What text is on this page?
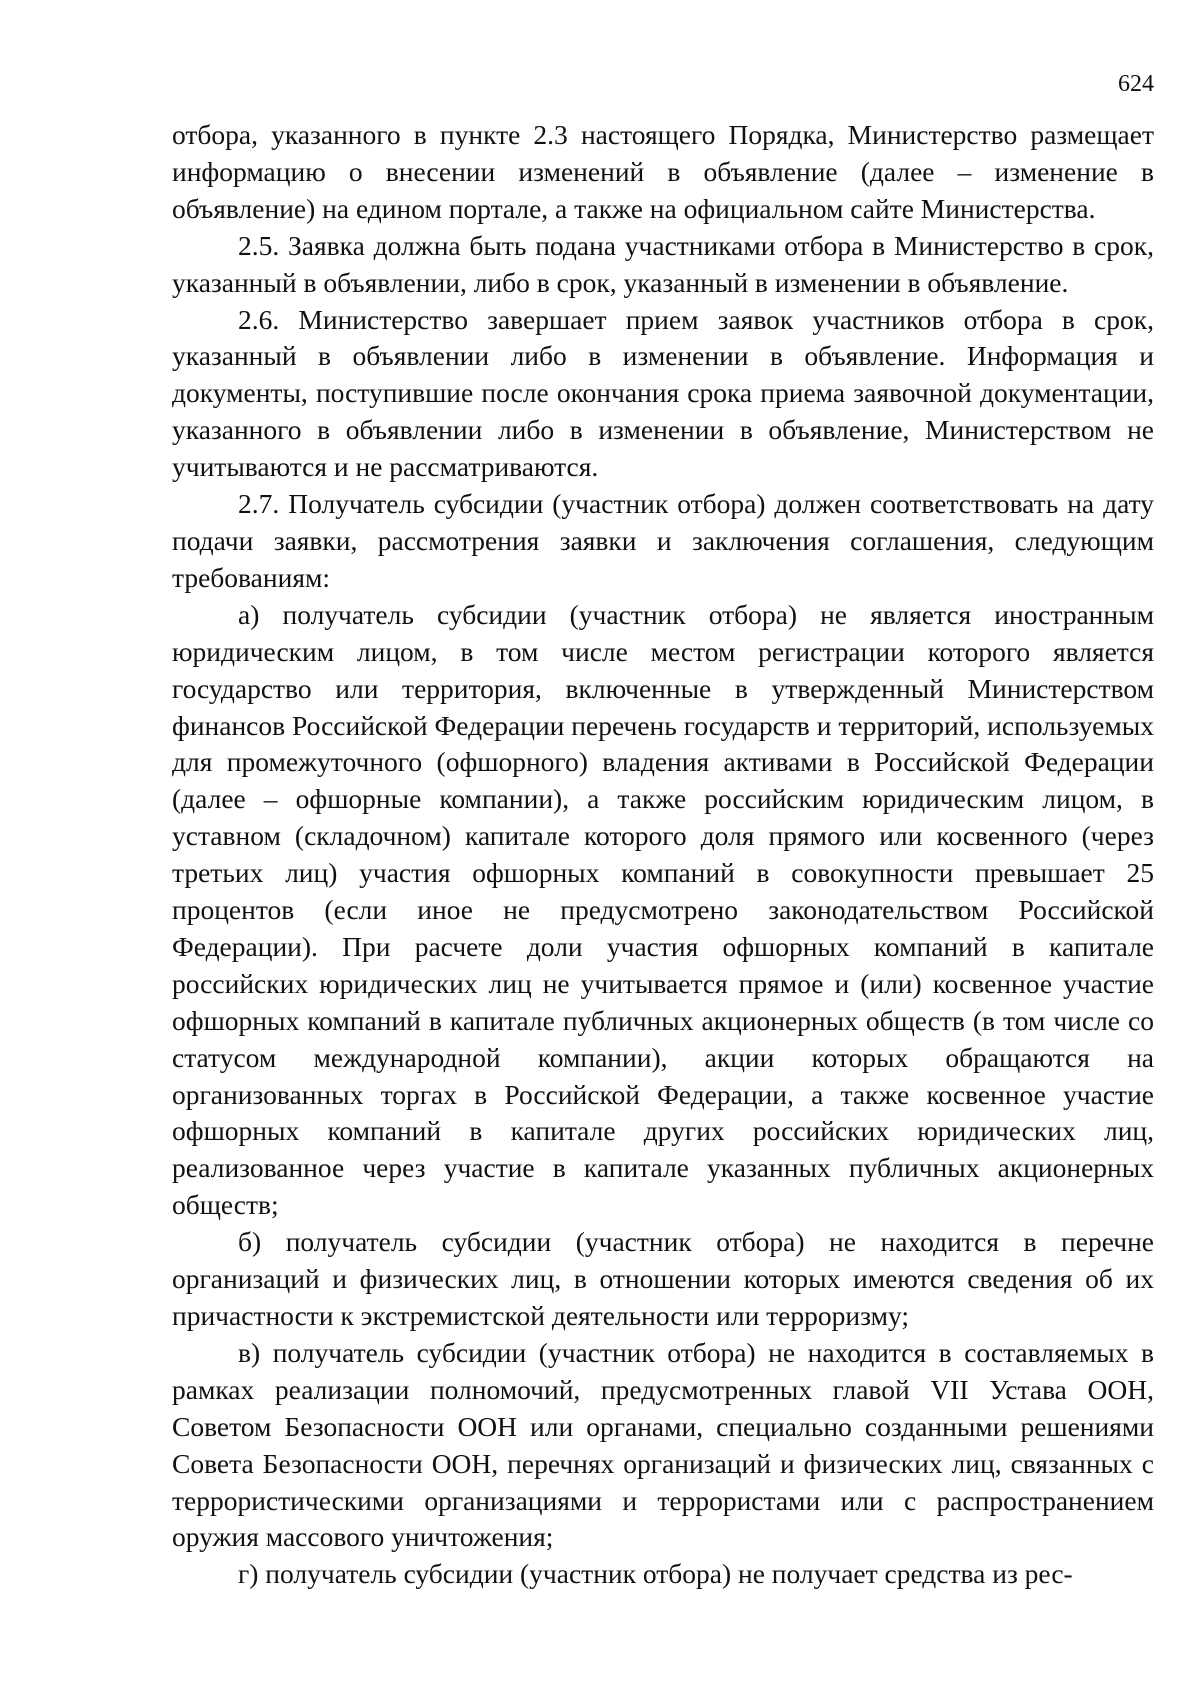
624

отбора, указанного в пункте 2.3 настоящего Порядка, Министерство размещает информацию о внесении изменений в объявление (далее – изменение в объявление) на едином портале, а также на официальном сайте Министерства.

2.5. Заявка должна быть подана участниками отбора в Министерство в срок, указанный в объявлении, либо в срок, указанный в изменении в объявление.

2.6. Министерство завершает прием заявок участников отбора в срок, указанный в объявлении либо в изменении в объявление. Информация и документы, поступившие после окончания срока приема заявочной документации, указанного в объявлении либо в изменении в объявление, Министерством не учитываются и не рассматриваются.

2.7. Получатель субсидии (участник отбора) должен соответствовать на дату подачи заявки, рассмотрения заявки и заключения соглашения, следующим требованиям:

а) получатель субсидии (участник отбора) не является иностранным юридическим лицом, в том числе местом регистрации которого является государство или территория, включенные в утвержденный Министерством финансов Российской Федерации перечень государств и территорий, используемых для промежуточного (офшорного) владения активами в Российской Федерации (далее – офшорные компании), а также российским юридическим лицом, в уставном (складочном) капитале которого доля прямого или косвенного (через третьих лиц) участия офшорных компаний в совокупности превышает 25 процентов (если иное не предусмотрено законодательством Российской Федерации). При расчете доли участия офшорных компаний в капитале российских юридических лиц не учитывается прямое и (или) косвенное участие офшорных компаний в капитале публичных акционерных обществ (в том числе со статусом международной компании), акции которых обращаются на организованных торгах в Российской Федерации, а также косвенное участие офшорных компаний в капитале других российских юридических лиц, реализованное через участие в капитале указанных публичных акционерных обществ;

б) получатель субсидии (участник отбора) не находится в перечне организаций и физических лиц, в отношении которых имеются сведения об их причастности к экстремистской деятельности или терроризму;

в) получатель субсидии (участник отбора) не находится в составляемых в рамках реализации полномочий, предусмотренных главой VII Устава ООН, Советом Безопасности ООН или органами, специально созданными решениями Совета Безопасности ООН, перечнях организаций и физических лиц, связанных с террористическими организациями и террористами или с распространением оружия массового уничтожения;

г) получатель субсидии (участник отбора) не получает средства из рес-
